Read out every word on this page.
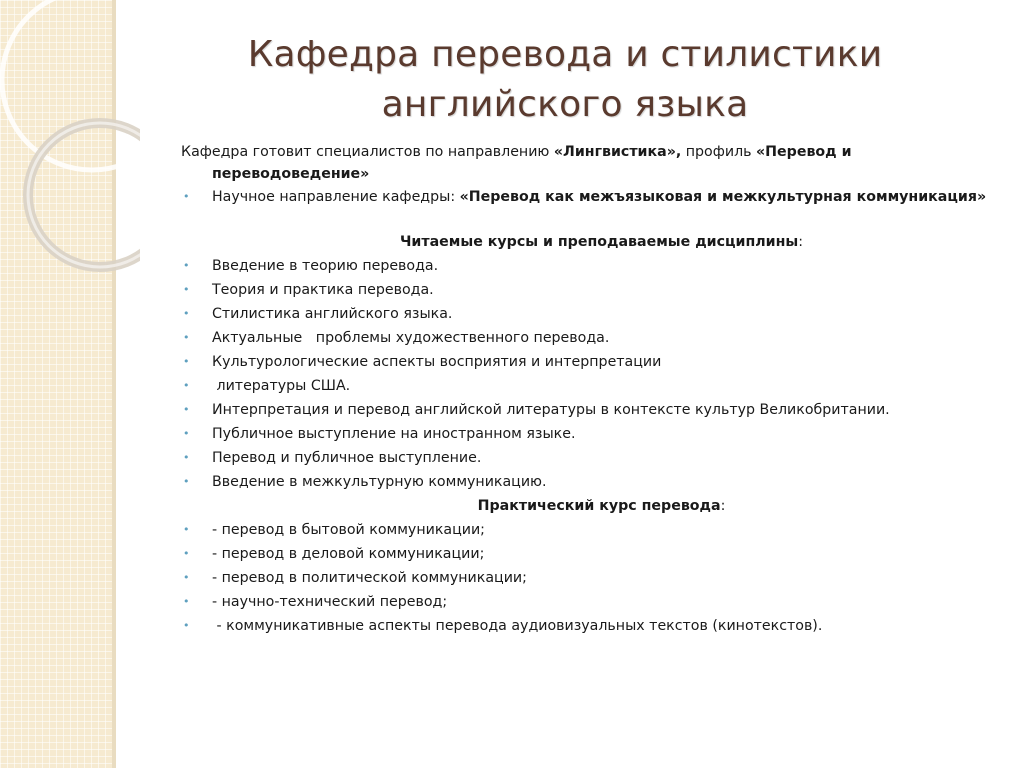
Кафедра перевода и стилистики
английского языка
Кафедра готовит специалистов по направлению «Лингвистика», профиль «Перевод и переводоведение»
• Научное направление кафедры: «Перевод как межъязыковая и межкультурная коммуникация»
Читаемые курсы и преподаваемые дисциплины:
• Введение в теорию перевода.
• Теория и практика перевода.
• Стилистика английского языка.
• Актуальные   проблемы художественного перевода.
• Культурологические аспекты восприятия и интерпретации
• литературы США.
• Интерпретация и перевод английской литературы в контексте культур Великобритании.
• Публичное выступление на иностранном языке.
• Перевод и публичное выступление.
• Введение в межкультурную коммуникацию.
Практический курс перевода:
• - перевод в бытовой коммуникации;
• - перевод в деловой коммуникации;
• - перевод в политической коммуникации;
• - научно-технический перевод;
• - коммуникативные аспекты перевода аудиовизуальных текстов (кинотекстов).
